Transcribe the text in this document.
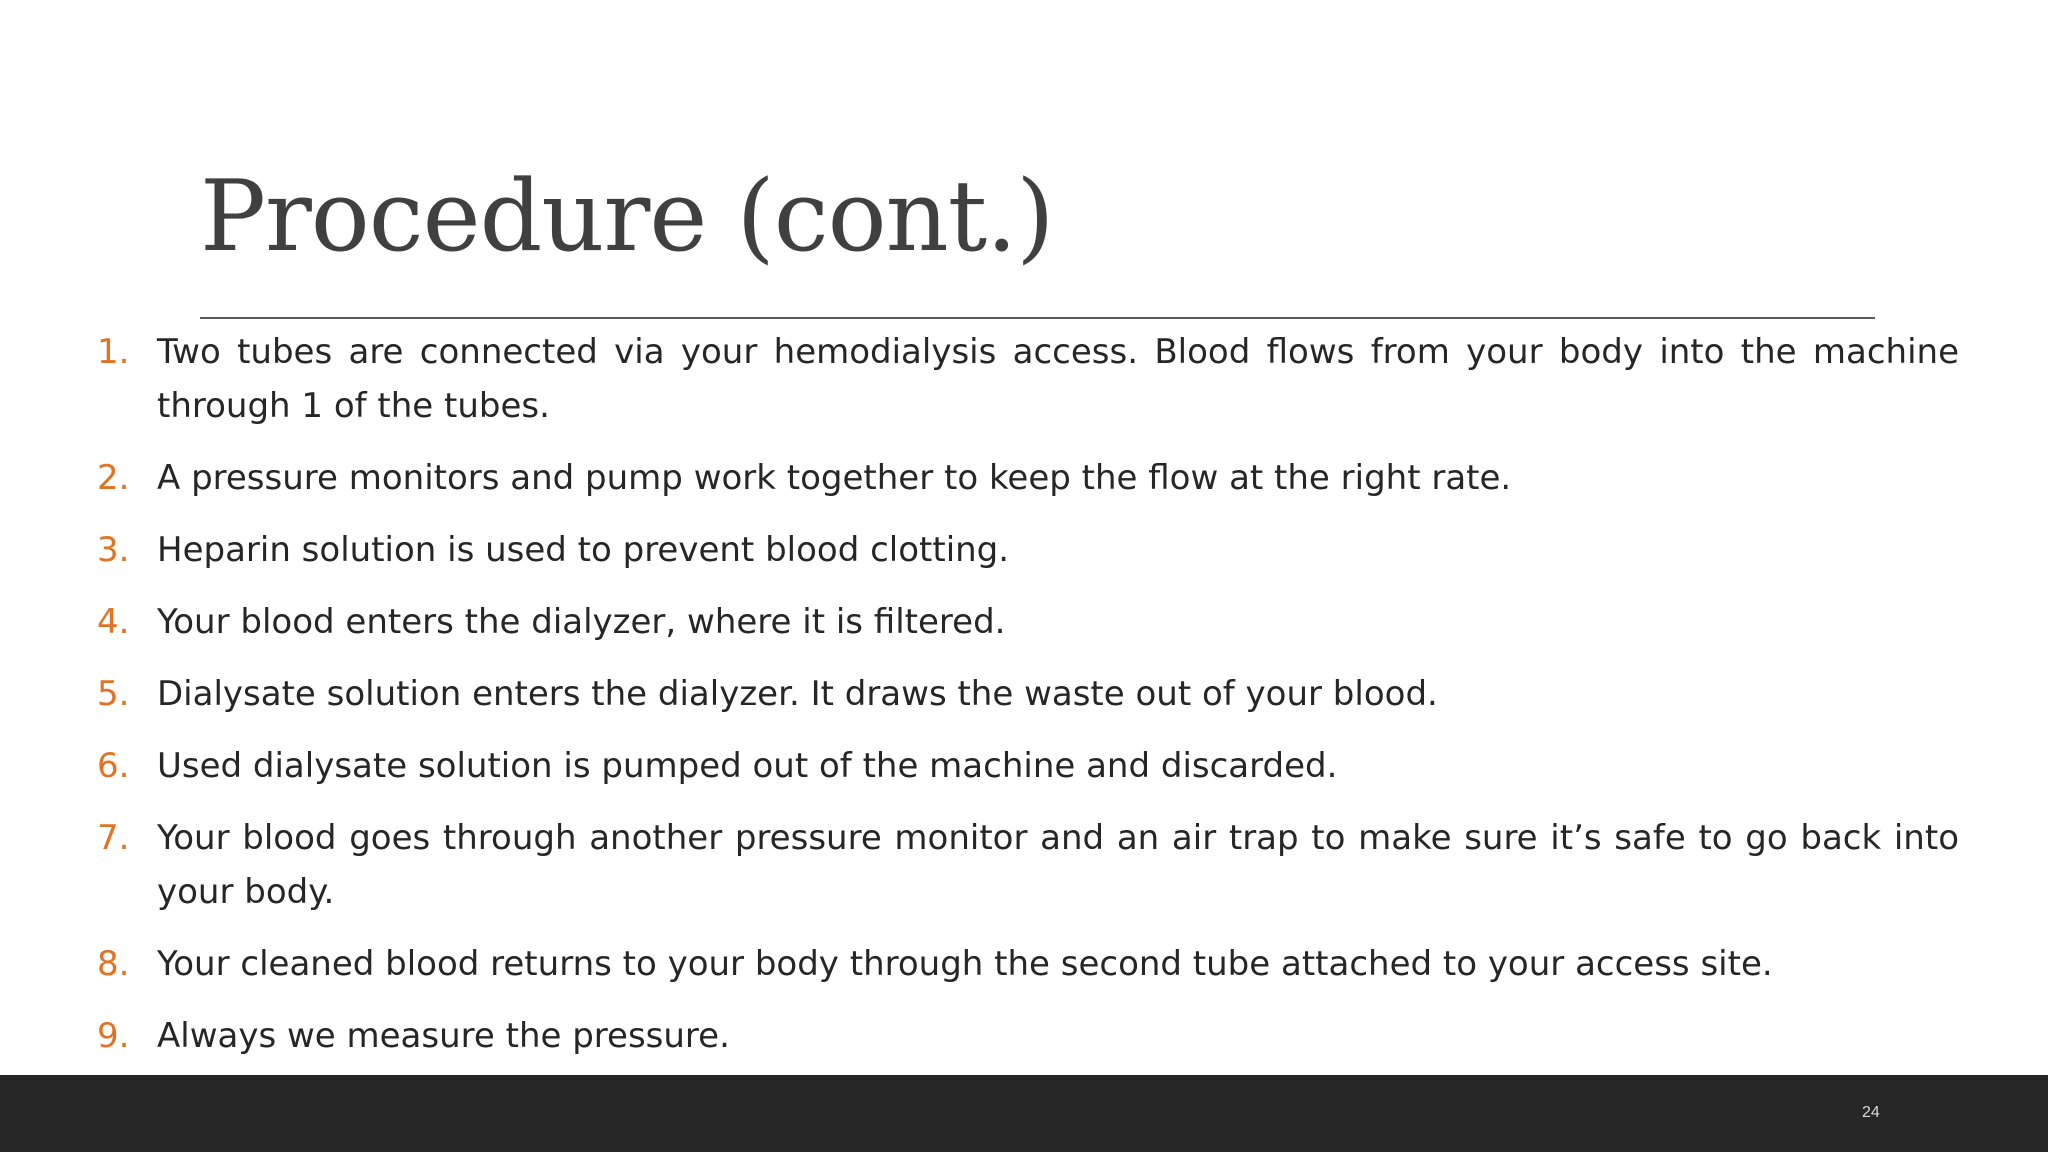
Procedure (cont.)
1. Two tubes are connected via your hemodialysis access. Blood flows from your body into the machine through 1 of the tubes.
2. A pressure monitors and pump work together to keep the flow at the right rate.
3. Heparin solution is used to prevent blood clotting.
4. Your blood enters the dialyzer, where it is filtered.
5. Dialysate solution enters the dialyzer. It draws the waste out of your blood.
6. Used dialysate solution is pumped out of the machine and discarded.
7. Your blood goes through another pressure monitor and an air trap to make sure it’s safe to go back into your body.
8. Your cleaned blood returns to your body through the second tube attached to your access site.
9. Always we measure the pressure.
24
